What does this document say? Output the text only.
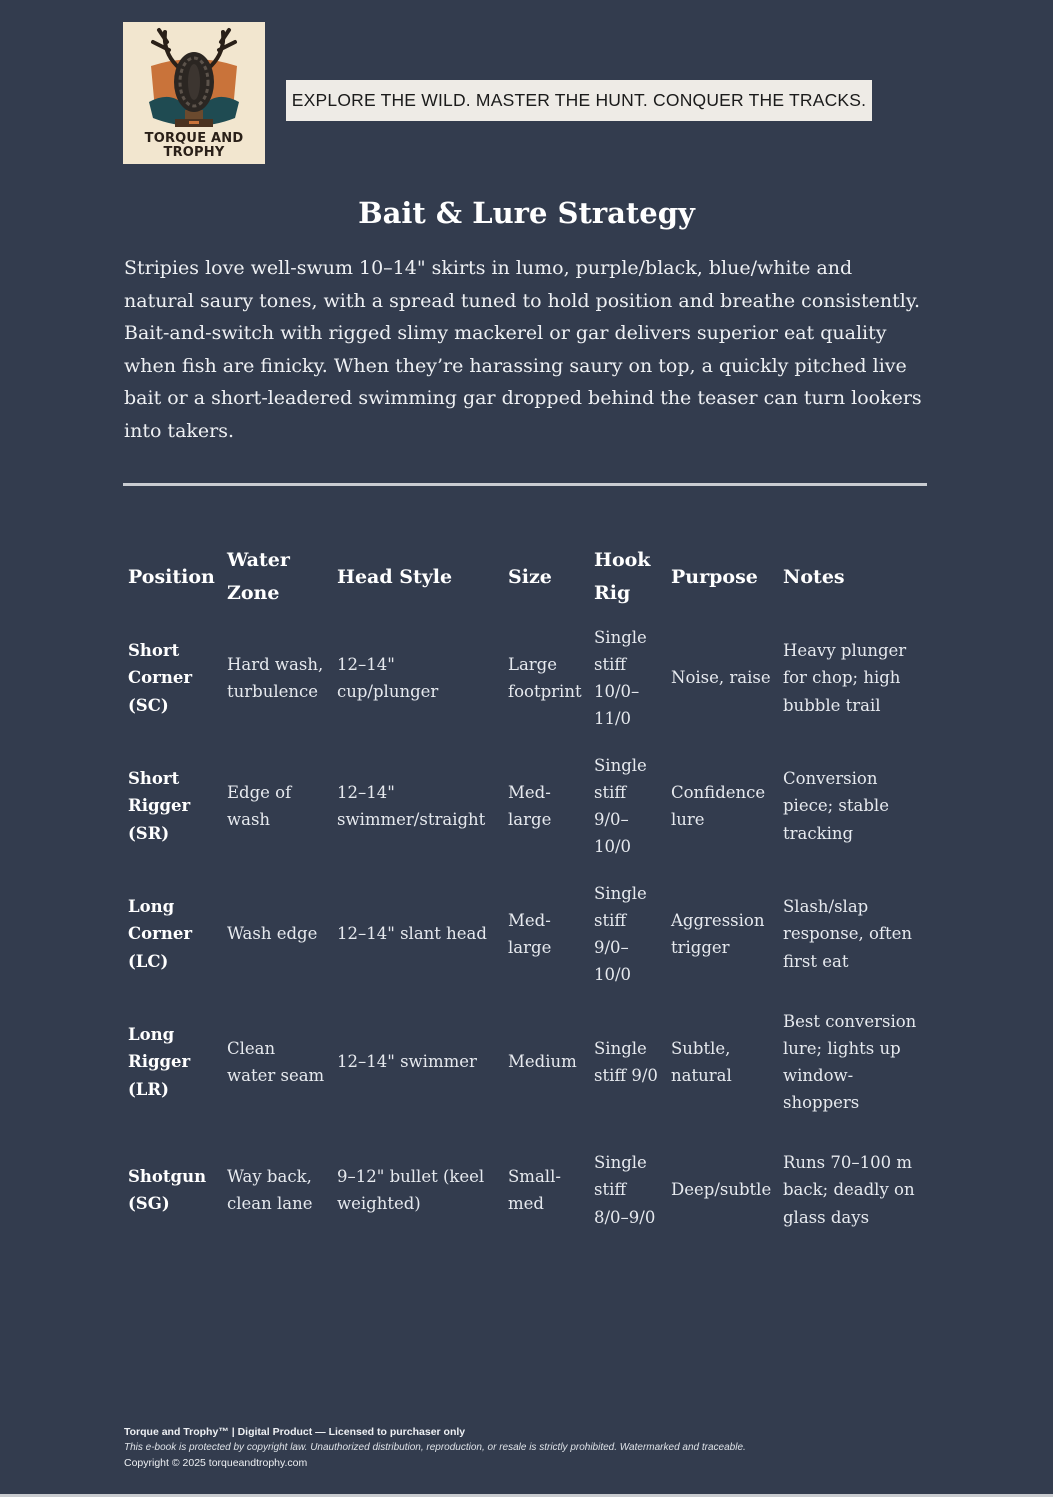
TORQUE AND TROPHY
EXPLORE THE WILD. MASTER THE HUNT. CONQUER THE TRACKS.
Bait & Lure Strategy

Stripies love well-swum 10–14" skirts in lumo, purple/black, blue/white and natural saury tones, with a spread tuned to hold position and breathe consistently. Bait-and-switch with rigged slimy mackerel or gar delivers superior eat quality when fish are finicky. When they’re harassing saury on top, a quickly pitched live bait or a short-leadered swimming gar dropped behind the teaser can turn lookers into takers.

Position	Water Zone	Head Style	Size	Hook Rig	Purpose	Notes
Short Corner (SC)	Hard wash, turbulence	12–14" cup/plunger	Large footprint	Single stiff 10/0–11/0	Noise, raise	Heavy plunger for chop; high bubble trail
Short Rigger (SR)	Edge of wash	12–14" swimmer/straight	Med-large	Single stiff 9/0–10/0	Confidence lure	Conversion piece; stable tracking
Long Corner (LC)	Wash edge	12–14" slant head	Med-large	Single stiff 9/0–10/0	Aggression trigger	Slash/slap response, often first eat
Long Rigger (LR)	Clean water seam	12–14" swimmer	Medium	Single stiff 9/0	Subtle, natural	Best conversion lure; lights up window-shoppers
Shotgun (SG)	Way back, clean lane	9–12" bullet (keel weighted)	Small-med	Single stiff 8/0–9/0	Deep/subtle	Runs 70–100 m back; deadly on glass days
Torque and Trophy™ | Digital Product — Licensed to purchaser only
This e-book is protected by copyright law. Unauthorized distribution, reproduction, or resale is strictly prohibited. Watermarked and traceable.
Copyright © 2025 torqueandtrophy.com
